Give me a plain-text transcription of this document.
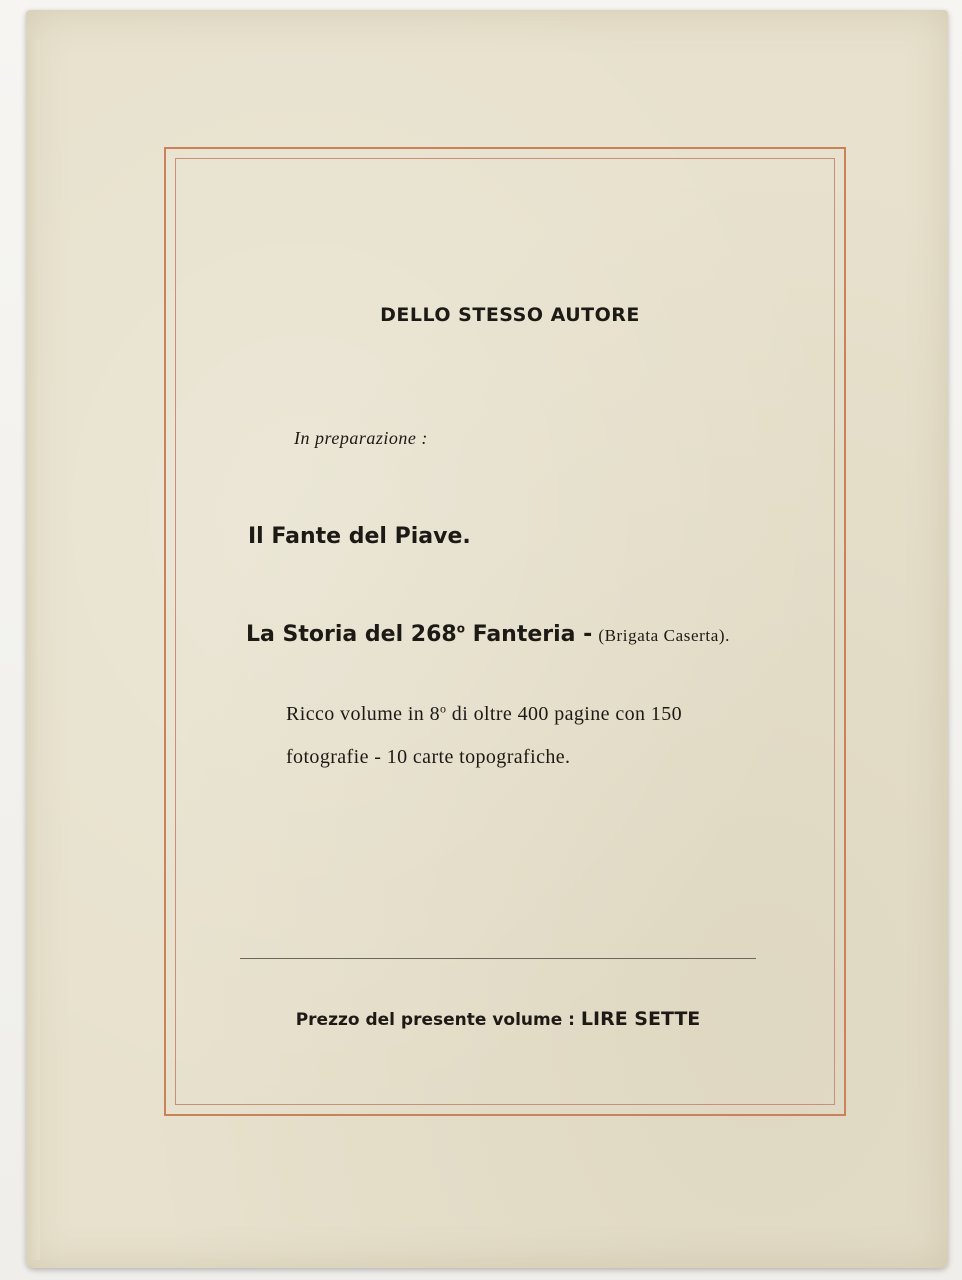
DELLO STESSO AUTORE
In preparazione :
Il Fante del Piave.
La Storia del 268$^o$ Fanteria - (Brigata Caserta).
Ricco volume in 8$^o$ di oltre 400 pagine con 150
fotografie - 10 carte topografiche.
Prezzo del presente volume : LIRE SETTE
